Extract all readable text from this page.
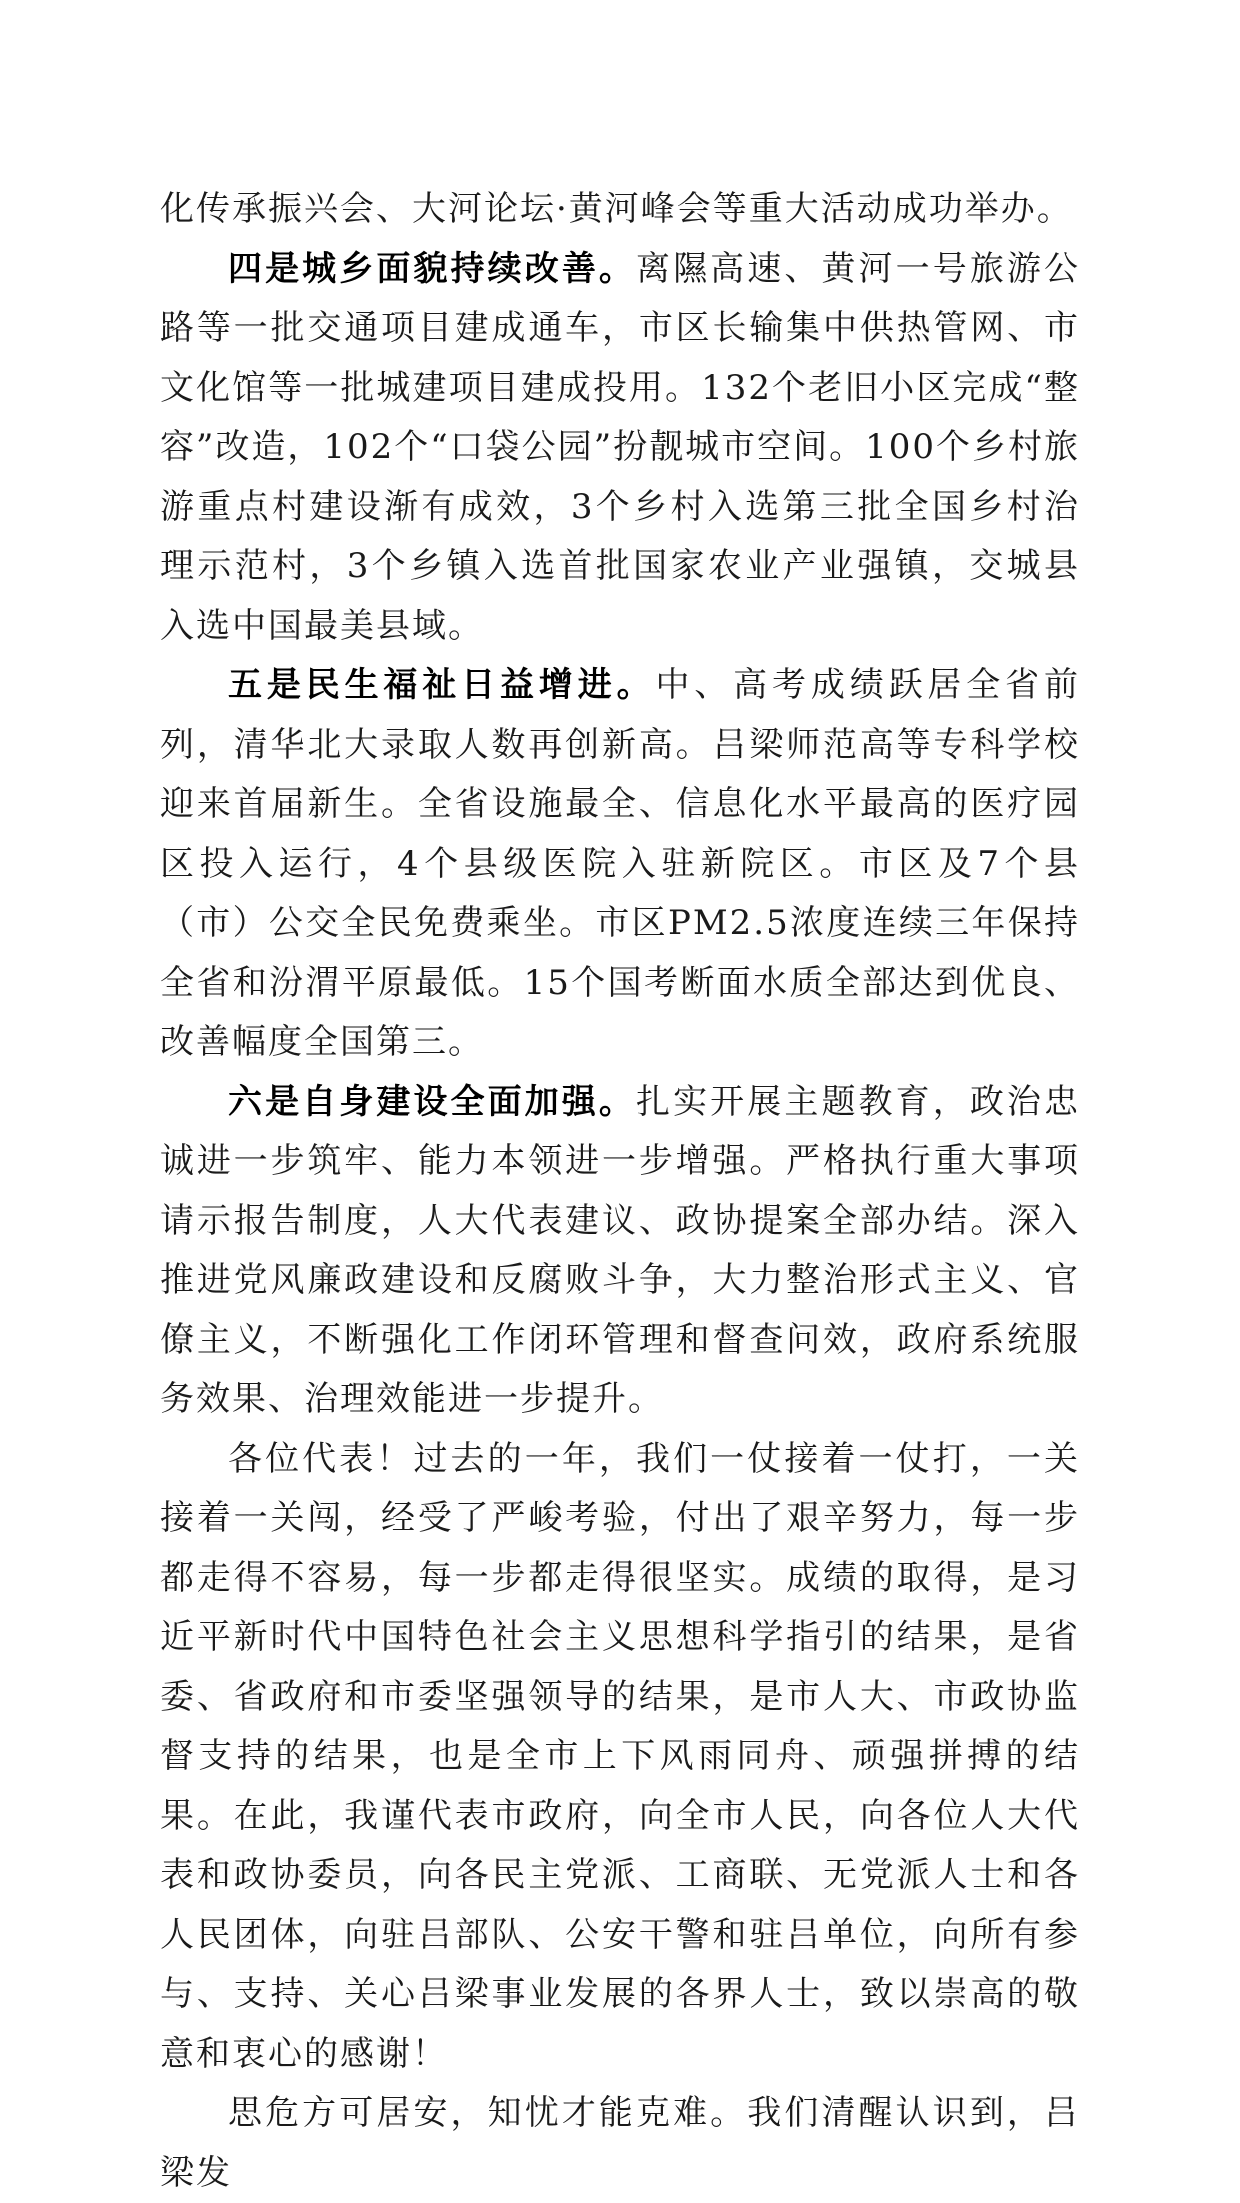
化传承振兴会、大河论坛·黄河峰会等重大活动成功举办。

四是城乡面貌持续改善。离隰高速、黄河一号旅游公路等一批交通项目建成通车，市区长输集中供热管网、市文化馆等一批城建项目建成投用。132个老旧小区完成“整容”改造，102个“口袋公园”扮靓城市空间。100个乡村旅游重点村建设渐有成效，3个乡村入选第三批全国乡村治理示范村，3个乡镇入选首批国家农业产业强镇，交城县入选中国最美县域。

五是民生福祉日益增进。中、高考成绩跃居全省前列，清华北大录取人数再创新高。吕梁师范高等专科学校迎来首届新生。全省设施最全、信息化水平最高的医疗园区投入运行，4个县级医院入驻新院区。市区及7个县（市）公交全民免费乘坐。市区PM2.5浓度连续三年保持全省和汾渭平原最低。15个国考断面水质全部达到优良、改善幅度全国第三。

六是自身建设全面加强。扎实开展主题教育，政治忠诚进一步筑牢、能力本领进一步增强。严格执行重大事项请示报告制度，人大代表建议、政协提案全部办结。深入推进党风廉政建设和反腐败斗争，大力整治形式主义、官僚主义，不断强化工作闭环管理和督查问效，政府系统服务效果、治理效能进一步提升。

各位代表！过去的一年，我们一仗接着一仗打，一关接着一关闯，经受了严峻考验，付出了艰辛努力，每一步都走得不容易，每一步都走得很坚实。成绩的取得，是习近平新时代中国特色社会主义思想科学指引的结果，是省委、省政府和市委坚强领导的结果，是市人大、市政协监督支持的结果，也是全市上下风雨同舟、顽强拼搏的结果。在此，我谨代表市政府，向全市人民，向各位人大代表和政协委员，向各民主党派、工商联、无党派人士和各人民团体，向驻吕部队、公安干警和驻吕单位，向所有参与、支持、关心吕梁事业发展的各界人士，致以崇高的敬意和衷心的感谢！

思危方可居安，知忧才能克难。我们清醒认识到，吕梁发
